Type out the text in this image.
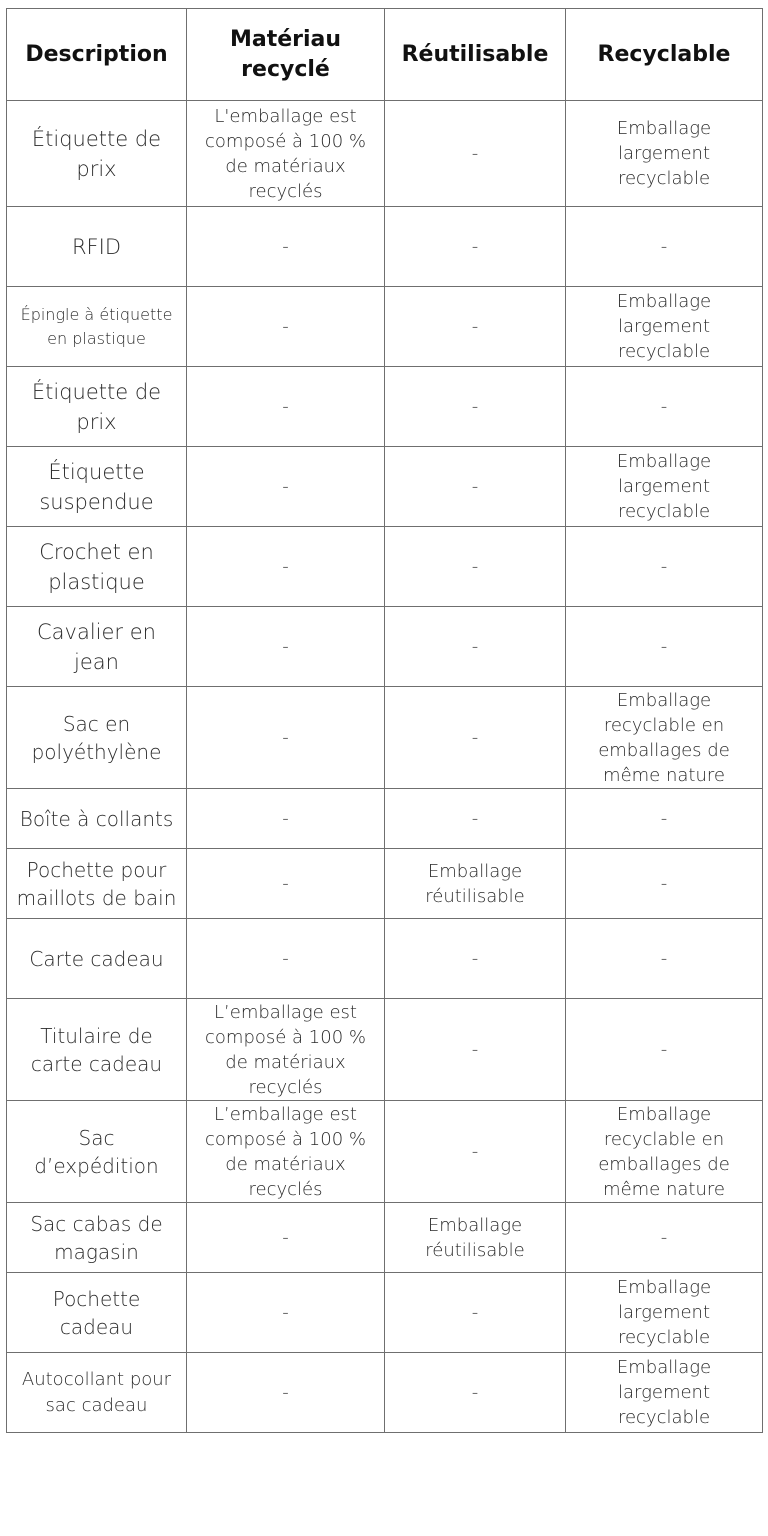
Description	Matériau recyclé	Réutilisable	Recyclable
Étiquette de prix	L'emballage est composé à 100 % de matériaux recyclés	-	Emballage largement recyclable
RFID	-	-	-
Épingle à étiquette en plastique	-	-	Emballage largement recyclable
Étiquette de prix	-	-	-
Étiquette suspendue	-	-	Emballage largement recyclable
Crochet en plastique	-	-	-
Cavalier en jean	-	-	-
Sac en polyéthylène	-	-	Emballage recyclable en emballages de même nature
Boîte à collants	-	-	-
Pochette pour maillots de bain	-	Emballage réutilisable	-
Carte cadeau	-	-	-
Titulaire de carte cadeau	L’emballage est composé à 100 % de matériaux recyclés	-	-
Sac d’expédition	L’emballage est composé à 100 % de matériaux recyclés	-	Emballage recyclable en emballages de même nature
Sac cabas de magasin	-	Emballage réutilisable	-
Pochette cadeau	-	-	Emballage largement recyclable
Autocollant pour sac cadeau	-	-	Emballage largement recyclable
